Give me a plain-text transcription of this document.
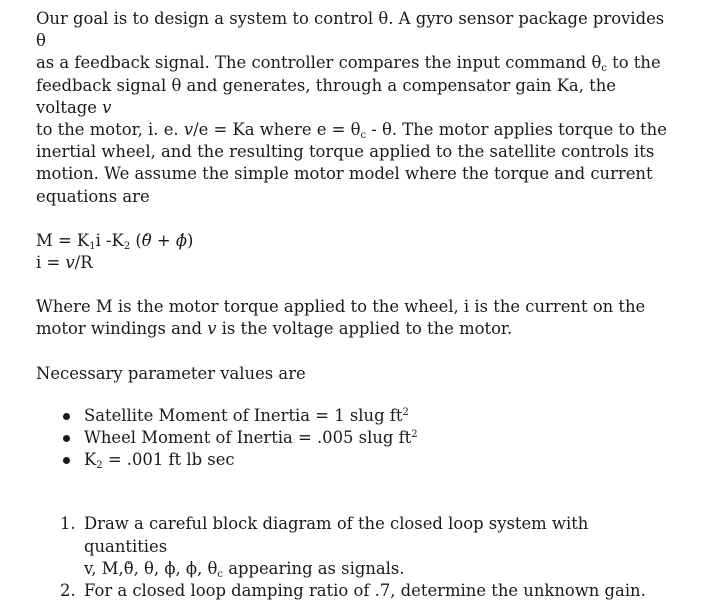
Our goal is to design a system to control θ. A gyro sensor package provides θ
as a feedback signal. The controller compares the input command $\theta_c$ to the
feedback signal θ and generates, through a compensator gain Ka, the voltage v
to the motor, i. e. v/e = Ka where $e = \theta_c - \theta$. The motor applies torque to the
inertial wheel, and the resulting torque applied to the satellite controls its
motion. We assume the simple motor model where the torque and current
equations are

$M = K_1i$ $-K_2$ (θ . + ϕ .)
i = v/R

Where M is the motor torque applied to the wheel, i is the current on the
motor windings and v is the voltage applied to the motor.

Necessary parameter values are

Satellite Moment of Inertia = 1 slug $ft^2$
Wheel Moment of Inertia = .005 slug $ft^2$
$K_2 = .001$ ft lb sec
1. Draw a careful block diagram of the closed loop system with quantities
v, M,θ ., θ, ϕ ., ϕ, $\theta_c$ appearing as signals.
2. For a closed loop damping ratio of .7, determine the unknown gain.
